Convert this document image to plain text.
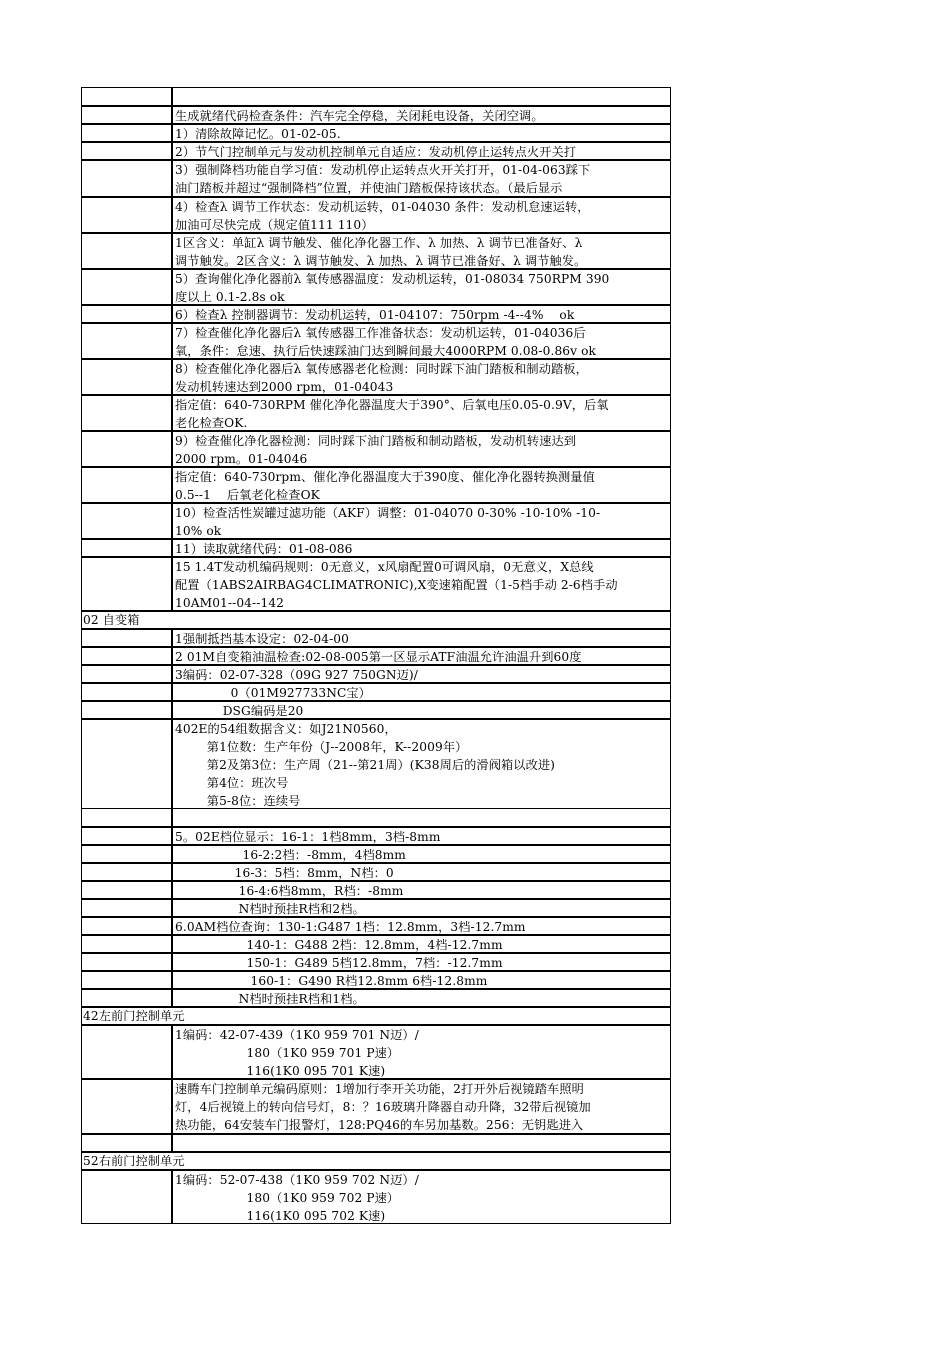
生成就绪代码检查条件：汽车完全停稳，关闭耗电设备，关闭空调。
1）清除故障记忆。01-02-05.
2）节气门控制单元与发动机控制单元自适应：发动机停止运转点火开关打
3）强制降档功能自学习值：发动机停止运转点火开关打开，01-04-063踩下
油门踏板并超过“强制降档”位置，并使油门踏板保持该状态。（最后显示
4）检查λ 调节工作状态：发动机运转，01-04030 条件：发动机怠速运转，
加油可尽快完成（规定值111 110）
1区含义：单缸λ 调节触发、催化净化器工作、λ 加热、λ 调节已准备好、λ
调节触发。2区含义：λ 调节触发、λ 加热、λ 调节已准备好、λ 调节触发。
5）查询催化净化器前λ 氧传感器温度：发动机运转，01-08034 750RPM 390
度以上 0.1-2.8s ok
6）检查λ 控制器调节：发动机运转，01-04107：750rpm -4--4%    ok
7）检查催化净化器后λ 氧传感器工作准备状态：发动机运转，01-04036后
氧，条件：怠速、执行后快速踩油门达到瞬间最大4000RPM 0.08-0.86v ok
8）检查催化净化器后λ 氧传感器老化检测：同时踩下油门踏板和制动踏板，
发动机转速达到2000 rpm，01-04043
指定值：640-730RPM 催化净化器温度大于390°、后氧电压0.05-0.9V，后氧
老化检查OK.
9）检查催化净化器检测：同时踩下油门踏板和制动踏板，发动机转速达到
2000 rpm。01-04046
指定值：640-730rpm、催化净化器温度大于390度、催化净化器转换测量值
0.5--1    后氧老化检查OK
10）检查活性炭罐过滤功能（AKF）调整：01-04070 0-30% -10-10% -10-
10% ok
11）读取就绪代码：01-08-086
15 1.4T发动机编码规则：0无意义，x风扇配置0可调风扇，0无意义，X总线
配置（1ABS2AIRBAG4CLIMATRONIC),X变速箱配置（1-5档手动 2-6档手动
10AM01--04--142
02 自变箱
1强制抵挡基本设定：02-04-00
2 01M自变箱油温检查:02-08-005第一区显示ATF油温允许油温升到60度
3编码：02-07-328（09G 927 750GN迈)/
0（01M927733NC宝）
DSG编码是20
402E的54组数据含义：如J21N0560，
第1位数：生产年份（J--2008年，K--2009年）
第2及第3位：生产周（21--第21周）(K38周后的滑阀箱以改进)
第4位：班次号
第5-8位：连续号
5。02E档位显示：16-1：1档8mm，3档-8mm
16-2:2档：-8mm，4档8mm
16-3：5档：8mm，N档：0
16-4:6档8mm，R档：-8mm
N档时预挂R档和2档。
6.0AM档位查询：130-1:G487 1档：12.8mm，3档-12.7mm
140-1：G488 2档：12.8mm，4档-12.7mm
150-1：G489 5档12.8mm，7档：-12.7mm
160-1：G490 R档12.8mm 6档-12.8mm
N档时预挂R档和1档。
42左前门控制单元
1编码：42-07-439（1K0 959 701 N迈）/
180（1K0 959 701 P速）
116(1K0 095 701 K速)
速腾车门控制单元编码原则：1增加行李开关功能，2打开外后视镜踏车照明
灯，4后视镜上的转向信号灯，8：？16玻璃升降器自动升降，32带后视镜加
热功能，64安装车门报警灯，128:PQ46的车另加基数。256：无钥匙进入
52右前门控制单元
1编码：52-07-438（1K0 959 702 N迈）/
180（1K0 959 702 P速）
116(1K0 095 702 K速)
